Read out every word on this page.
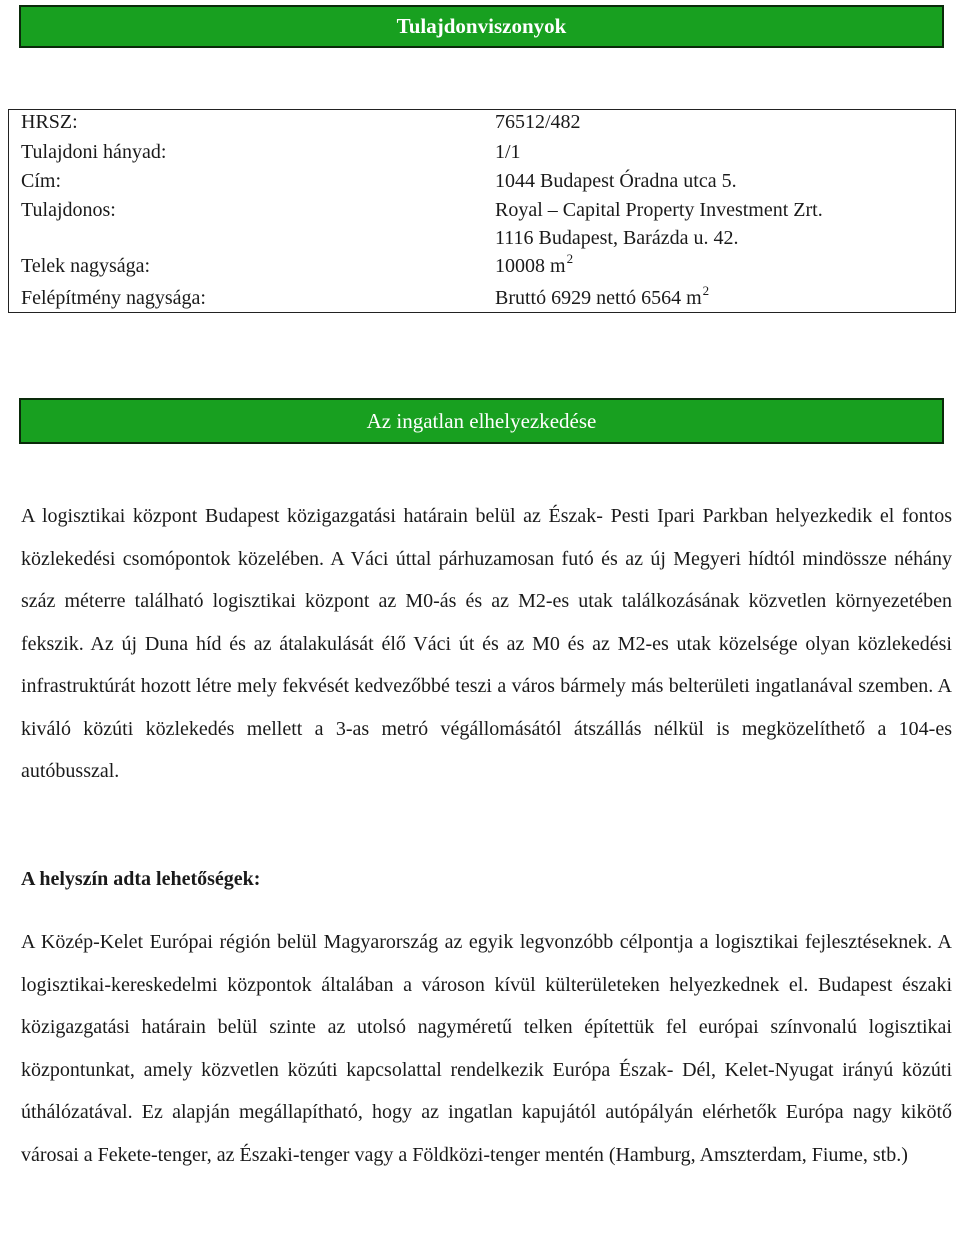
Tulajdonviszonyok
HRSZ:	76512/482
Tulajdoni hányad:	1/1
Cím:	1044 Budapest Óradna utca 5.
Tulajdonos:	Royal – Capital Property Investment Zrt.
1116 Budapest, Barázda u. 42.
Telek nagysága:	10008 $m^2$
Felépítmény nagysága:	Bruttó 6929 nettó 6564 $m^2$
Az ingatlan elhelyezkedése

A logisztikai központ Budapest közigazgatási határain belül az Észak- Pesti Ipari Parkban helyezkedik el fontos közlekedési csomópontok közelében. A Váci úttal párhuzamosan futó és az új Megyeri hídtól mindössze néhány száz méterre található logisztikai központ az M0-ás és az M2-es utak találkozásának közvetlen környezetében fekszik. Az új Duna híd és az átalakulását élő Váci út és az M0 és az M2-es utak közelsége olyan közlekedési infrastruktúrát hozott létre mely fekvését kedvezőbbé teszi a város bármely más belterületi ingatlanával szemben. A kiváló közúti közlekedés mellett a 3-as metró végállomásától átszállás nélkül is megközelíthető a 104-es autóbusszal.

A helyszín adta lehetőségek:

A Közép-Kelet Európai régión belül Magyarország az egyik legvonzóbb célpontja a logisztikai fejlesztéseknek. A logisztikai-kereskedelmi központok általában a városon kívül külterületeken helyezkednek el. Budapest északi közigazgatási határain belül szinte az utolsó nagyméretű telken építettük fel európai színvonalú logisztikai központunkat, amely közvetlen közúti kapcsolattal rendelkezik Európa Észak- Dél, Kelet-Nyugat irányú közúti úthálózatával. Ez alapján megállapítható, hogy az ingatlan kapujától autópályán elérhetők Európa nagy kikötő városai a Fekete-tenger, az Északi-tenger vagy a Földközi-tenger mentén (Hamburg, Amszterdam, Fiume, stb.)
